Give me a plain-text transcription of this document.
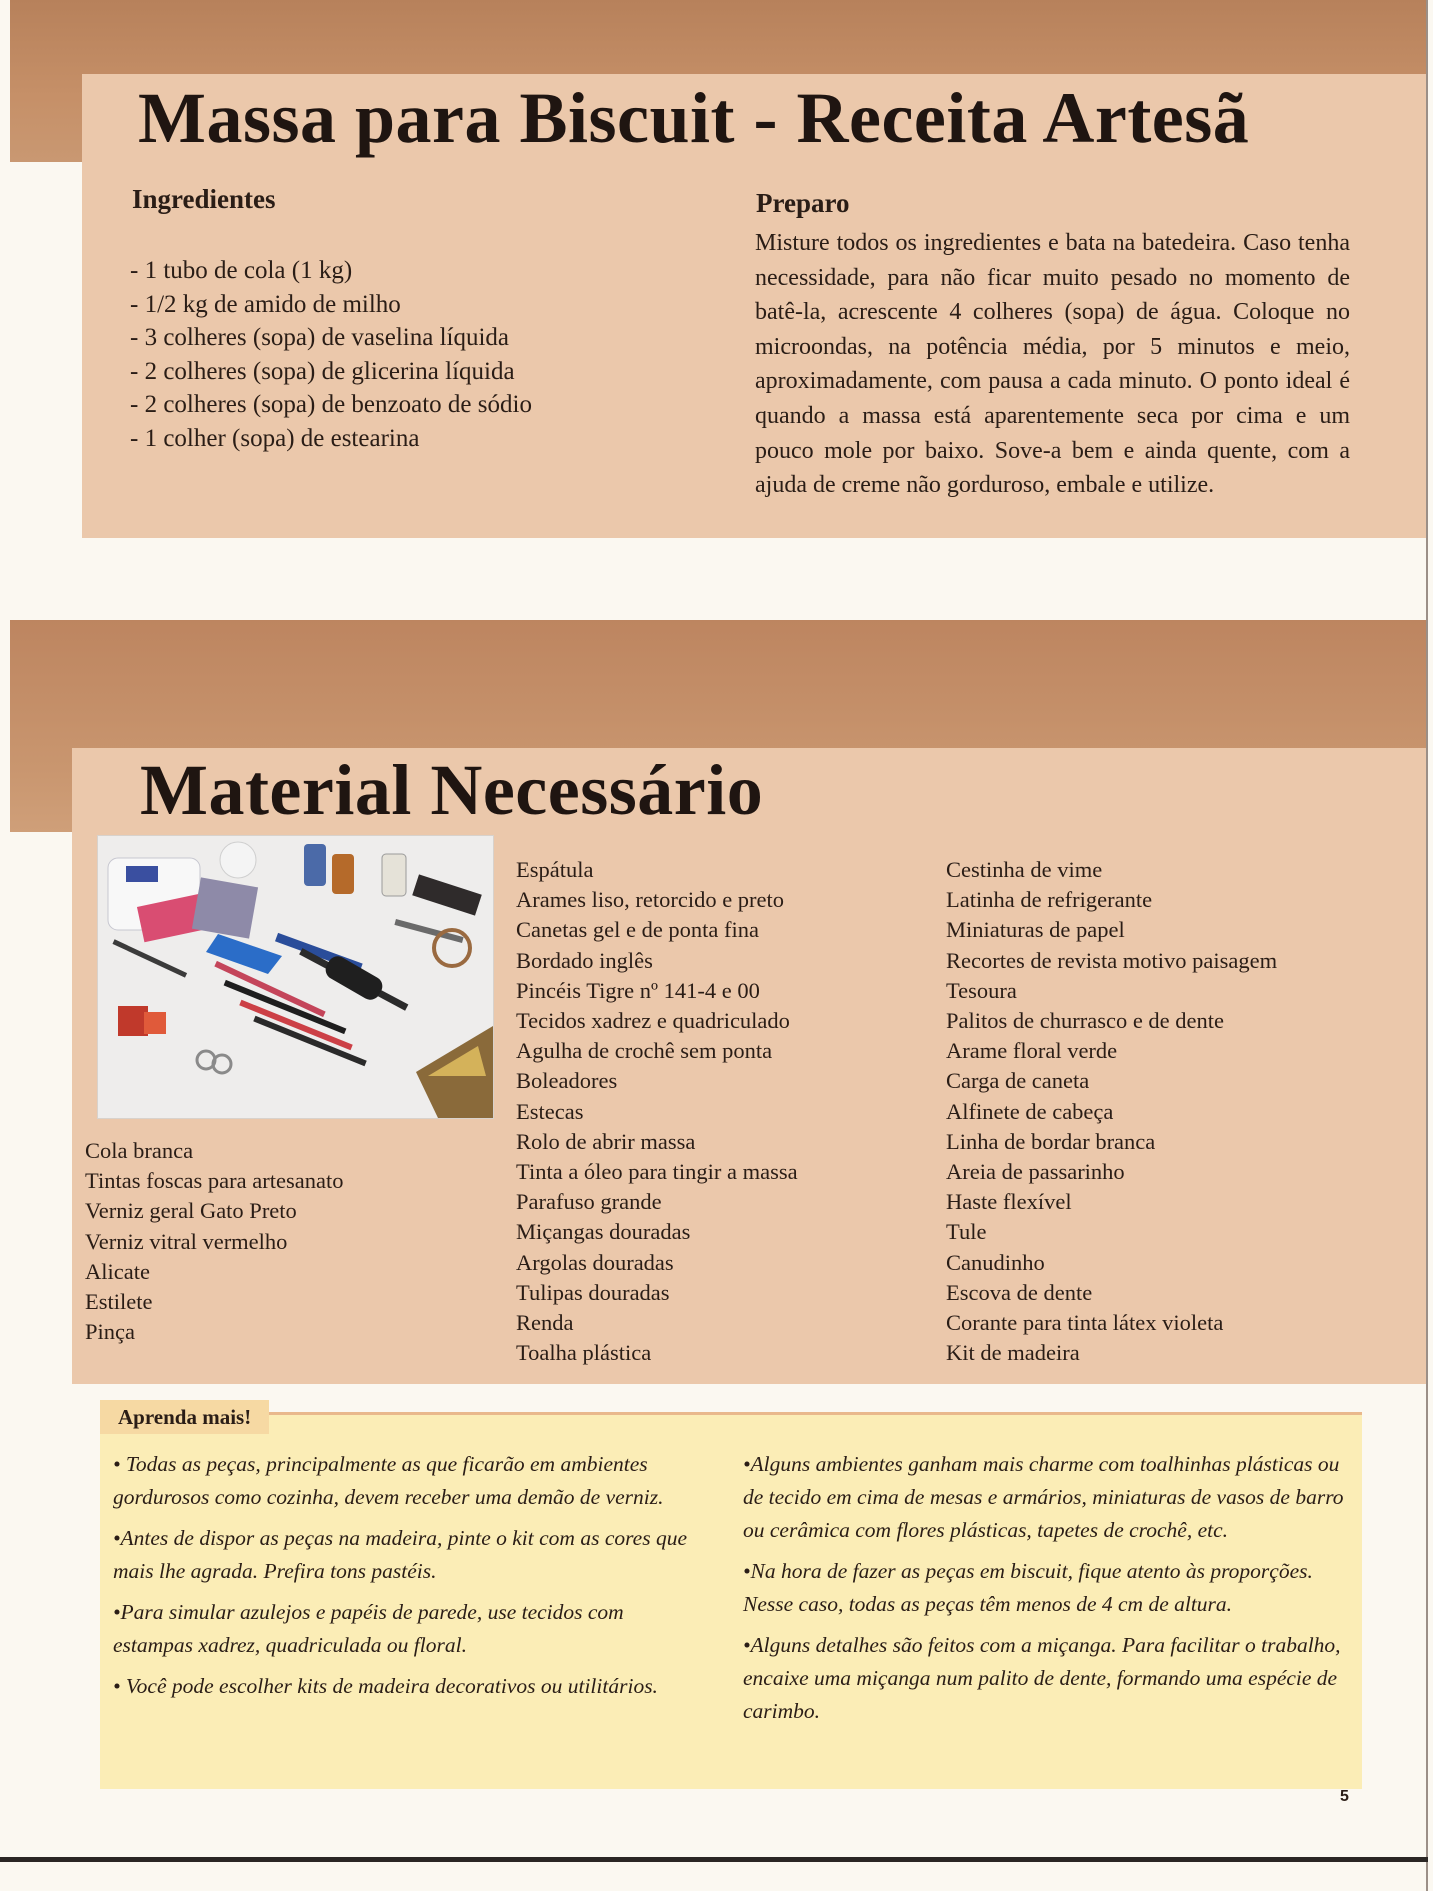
Massa para Biscuit - Receita Artesã
Ingredientes
- 1 tubo de cola (1 kg)
- 1/2 kg de amido de milho
- 3 colheres (sopa) de vaselina líquida
- 2 colheres (sopa) de glicerina líquida
- 2 colheres (sopa) de benzoato de sódio
- 1 colher (sopa) de estearina
Preparo

Misture todos os ingredientes e bata na batedeira. Caso tenha necessidade, para não ficar muito pesado no momento de batê-la, acrescente 4 colheres (sopa) de água. Coloque no microondas, na potência média, por 5 minutos e meio, aproximadamente, com pausa a cada minuto. O ponto ideal é quando a massa está aparentemente seca por cima e um pouco mole por baixo. Sove-a bem e ainda quente, com a ajuda de creme não gorduroso, embale e utilize.

Material Necessário
Cola branca
Tintas foscas para artesanato
Verniz geral Gato Preto
Verniz vitral vermelho
Alicate
Estilete
Pinça
Espátula
Arames liso, retorcido e preto
Canetas gel e de ponta fina
Bordado inglês
Pincéis Tigre nº 141-4 e 00
Tecidos xadrez e quadriculado
Agulha de crochê sem ponta
Boleadores
Estecas
Rolo de abrir massa
Tinta a óleo para tingir a massa
Parafuso grande
Miçangas douradas
Argolas douradas
Tulipas douradas
Renda
Toalha plástica
Cestinha de vime
Latinha de refrigerante
Miniaturas de papel
Recortes de revista motivo paisagem
Tesoura
Palitos de churrasco e de dente
Arame floral verde
Carga de caneta
Alfinete de cabeça
Linha de bordar branca
Areia de passarinho
Haste flexível
Tule
Canudinho
Escova de dente
Corante para tinta látex violeta
Kit de madeira
Aprenda mais!

• Todas as peças, principalmente as que ficarão em ambientes gordurosos como cozinha, devem receber uma demão de verniz.

•Antes de dispor as peças na madeira, pinte o kit com as cores que mais lhe agrada. Prefira tons pastéis.

•Para simular azulejos e papéis de parede, use tecidos com estampas xadrez, quadriculada ou floral.

• Você pode escolher kits de madeira decorativos ou utilitários.

•Alguns ambientes ganham mais charme com toalhinhas plásticas ou de tecido em cima de mesas e armários, miniaturas de vasos de barro ou cerâmica com flores plásticas, tapetes de crochê, etc.

•Na hora de fazer as peças em biscuit, fique atento às proporções. Nesse caso, todas as peças têm menos de 4 cm de altura.

•Alguns detalhes são feitos com a miçanga. Para facilitar o trabalho, encaixe uma miçanga num palito de dente, formando uma espécie de carimbo.

5
